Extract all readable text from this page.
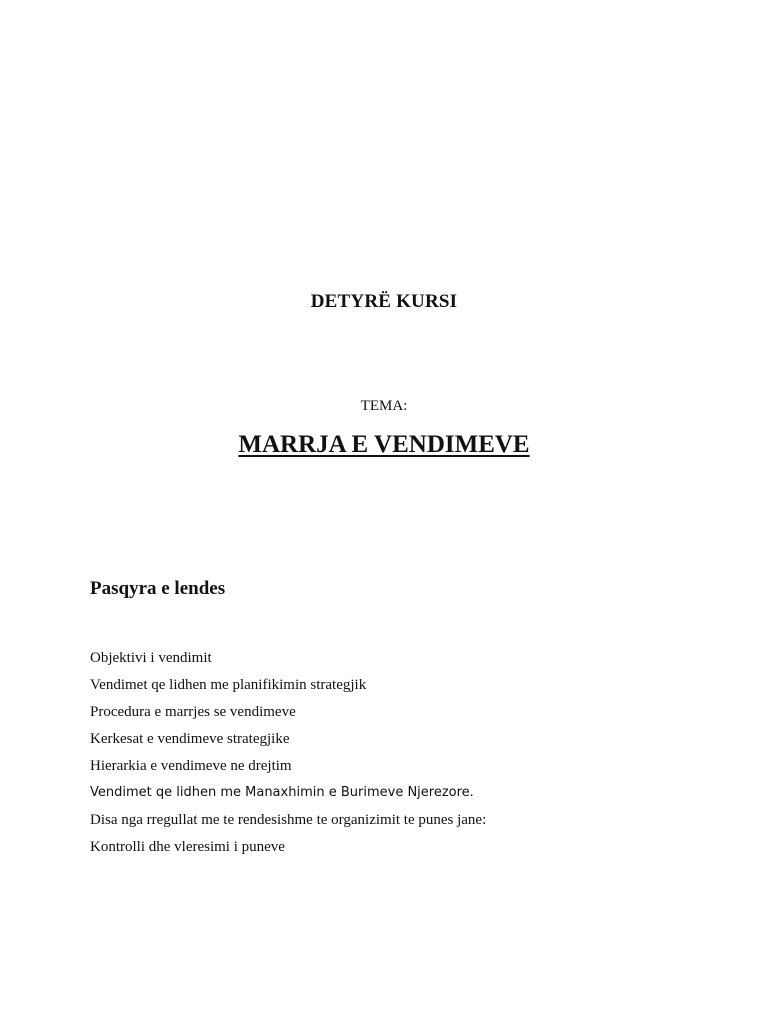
DETYRË KURSI
TEMA:
MARRJA E VENDIMEVE
Pasqyra e lendes
Objektivi i vendimit
Vendimet qe lidhen me planifikimin strategjik
Procedura e marrjes se vendimeve
Kerkesat e vendimeve strategjike
Hierarkia e vendimeve ne drejtim
Vendimet qe lidhen me Manaxhimin e Burimeve Njerezore.
Disa nga rregullat me te rendesishme te organizimit te punes jane:
Kontrolli dhe vleresimi i puneve
